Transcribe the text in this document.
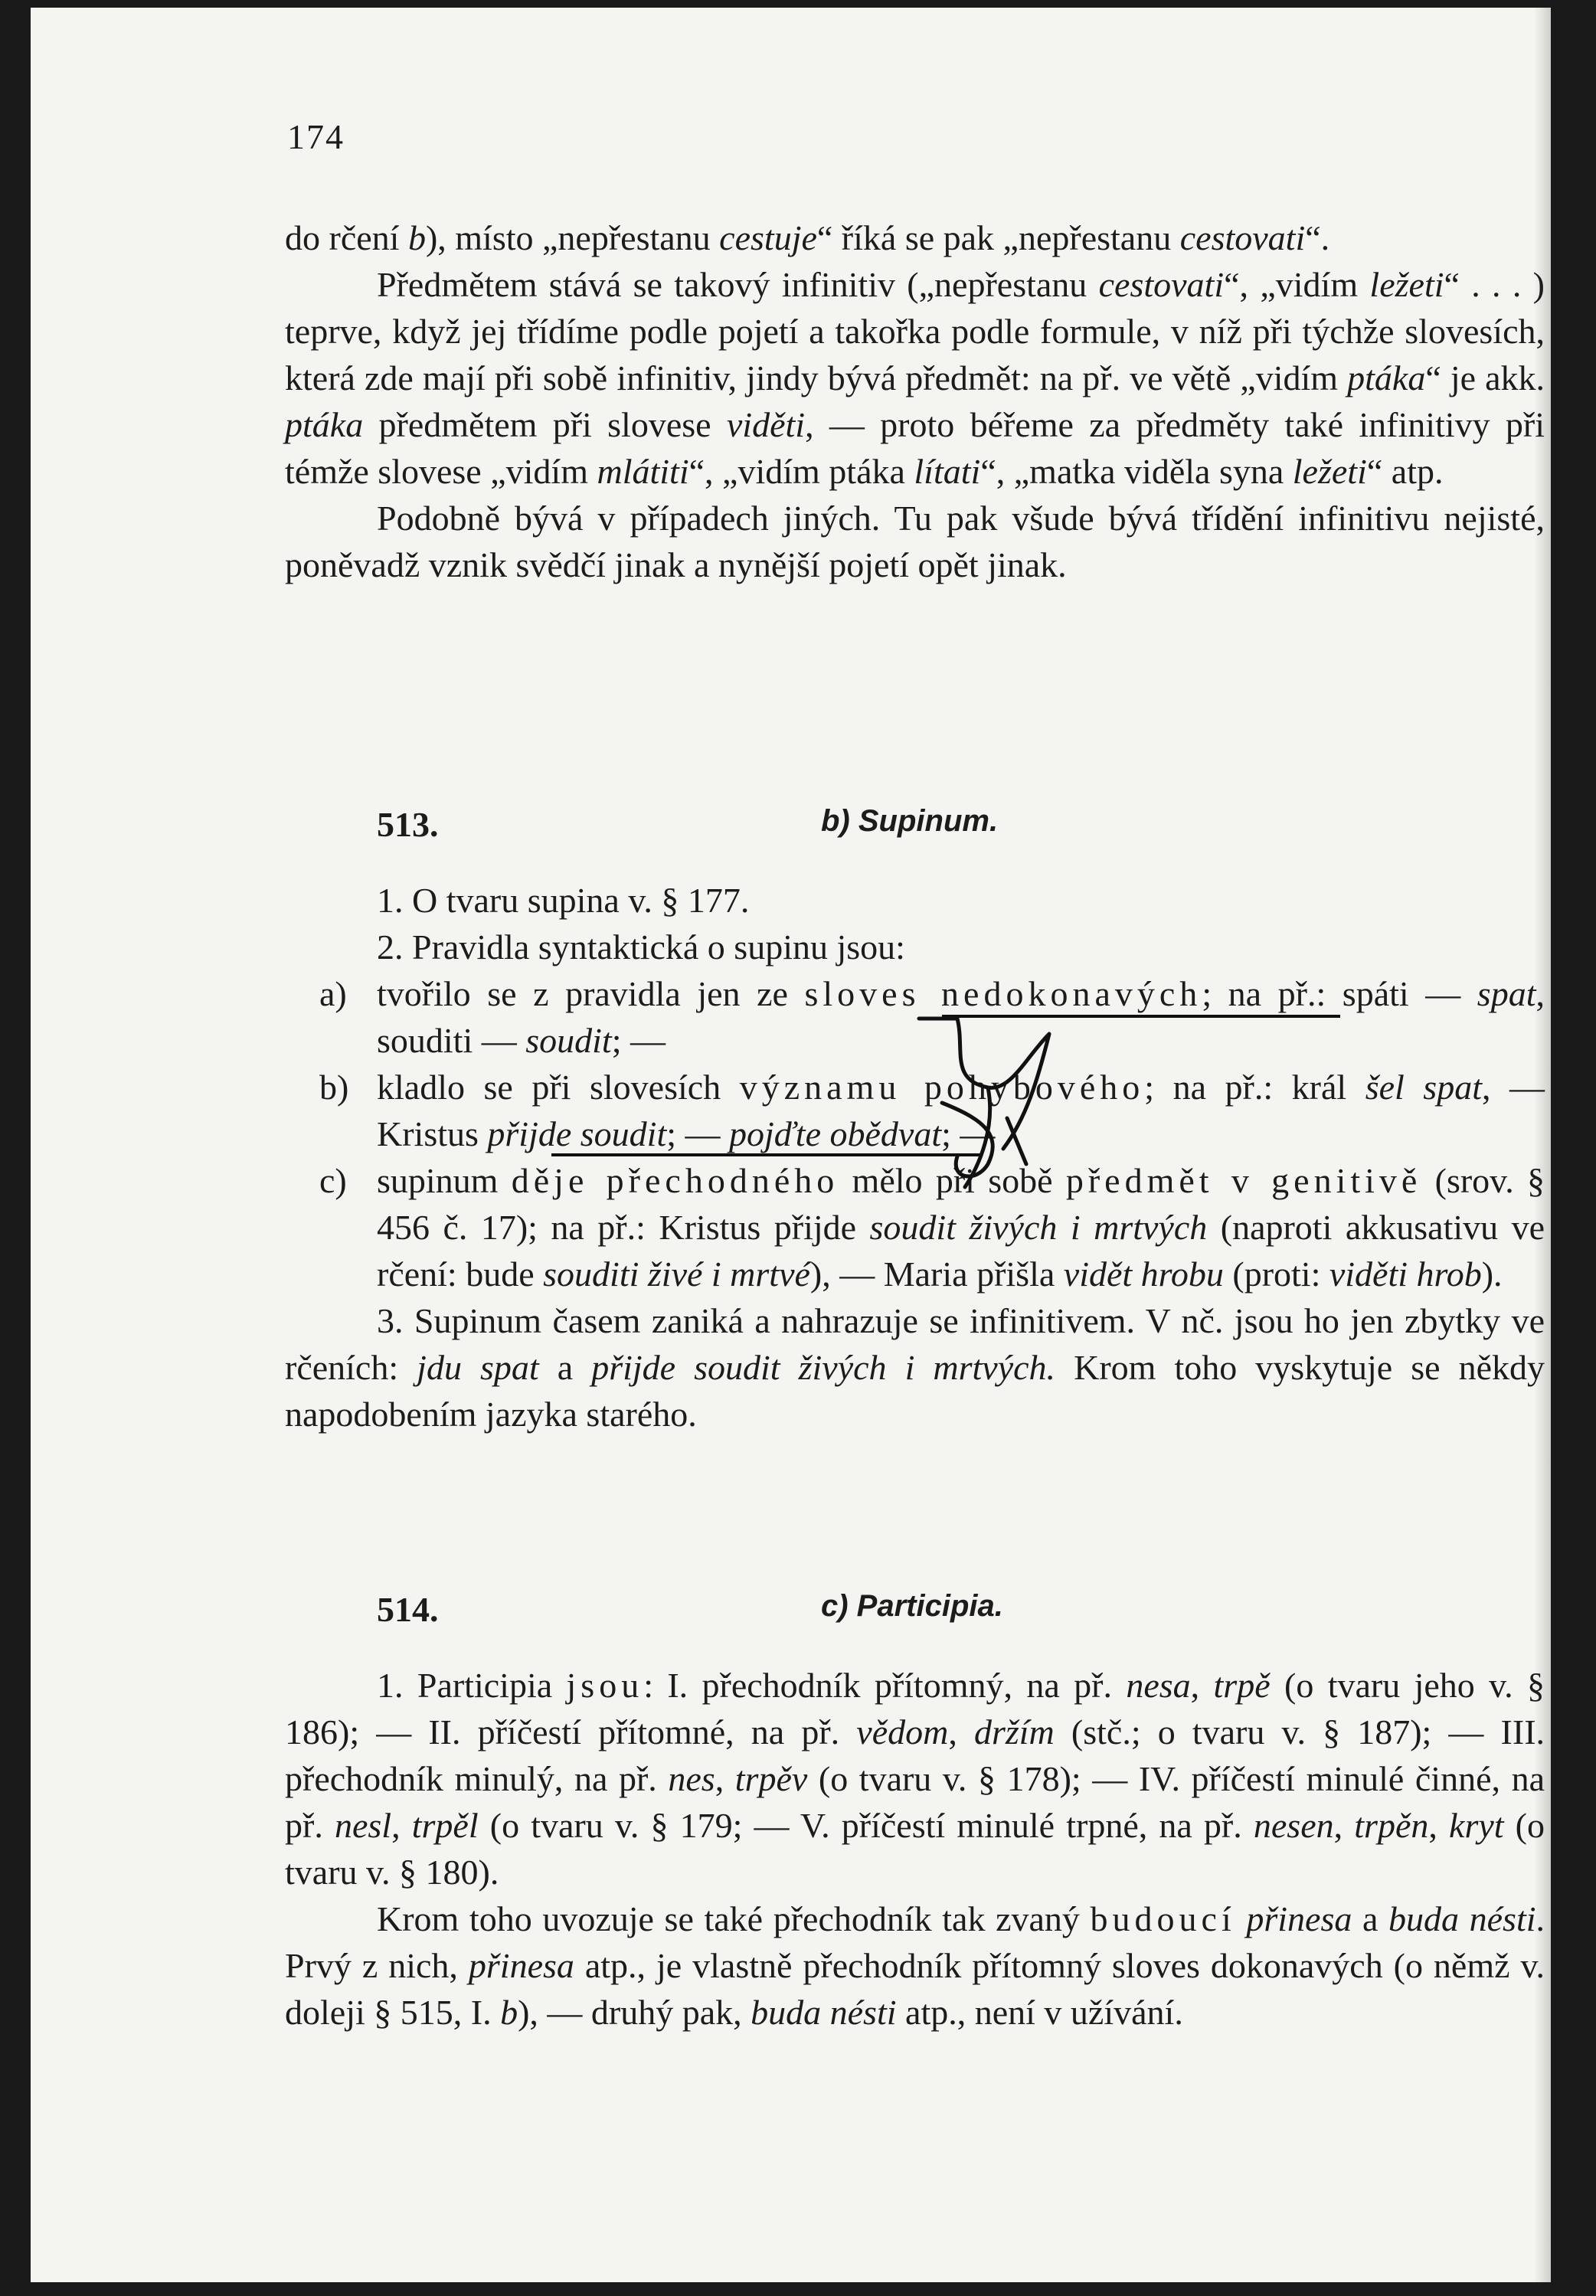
174

do rčení b), místo „nepřestanu cestuje“ říká se pak „nepřestanu cestovati“.

Předmětem stává se takový infinitiv („nepřestanu cestovati“, „vidím ležeti“ . . . ) teprve, když jej třídíme podle pojetí a takořka podle formule, v níž při týchže slovesích, která zde mají při sobě infinitiv, jindy bývá předmět: na př. ve větě „vidím ptáka“ je akk. ptáka předmětem při slovese viděti, — proto béřeme za předměty také infinitivy při témže slovese „vidím mlátiti“, „vidím ptáka lítati“, „matka viděla syna ležeti“ atp.

Podobně bývá v případech jiných. Tu pak všude bývá třídění infinitivu nejisté, poněvadž vznik svědčí jinak a nynější pojetí opět jinak.

513.	b) Supinum.

1. O tvaru supina v. § 177.

2. Pravidla syntaktická o supinu jsou:

a) tvořilo se z pravidla jen ze sloves nedokonavých; na př.: spáti — spat, souditi — soudit; —

b) kladlo se při slovesích významu pohybového; na př.: král šel spat, — Kristus přijde soudit; — pojďte obědvat; —

c) supinum děje přechodného mělo při sobě předmět v genitivě (srov. § 456 č. 17); na př.: Kristus přijde soudit živých i mrtvých (naproti akkusativu ve rčení: bude souditi živé i mrtvé), — Maria přišla vidět hrobu (proti: viděti hrob).

3. Supinum časem zaniká a nahrazuje se infinitivem. V nč. jsou ho jen zbytky ve rčeních: jdu spat a přijde soudit živých i mrtvých. Krom toho vyskytuje se někdy napodobením jazyka starého.

514.	c) Participia.

1. Participia jsou: I. přechodník přítomný, na př. nesa, trpě (o tvaru jeho v. § 186); — II. příčestí přítomné, na př. vědom, držím (stč.; o tvaru v. § 187); — III. přechodník minulý, na př. nes, trpěv (o tvaru v. § 178); — IV. příčestí minulé činné, na př. nesl, trpěl (o tvaru v. § 179; — V. příčestí minulé trpné, na př. nesen, trpěn, kryt (o tvaru v. § 180).

Krom toho uvozuje se také přechodník tak zvaný budoucí přinesa a buda nésti. Prvý z nich, přinesa atp., je vlastně přechodník přítomný sloves dokonavých (o němž v. doleji § 515, I. b), — druhý pak, buda nésti atp., není v užívání.
